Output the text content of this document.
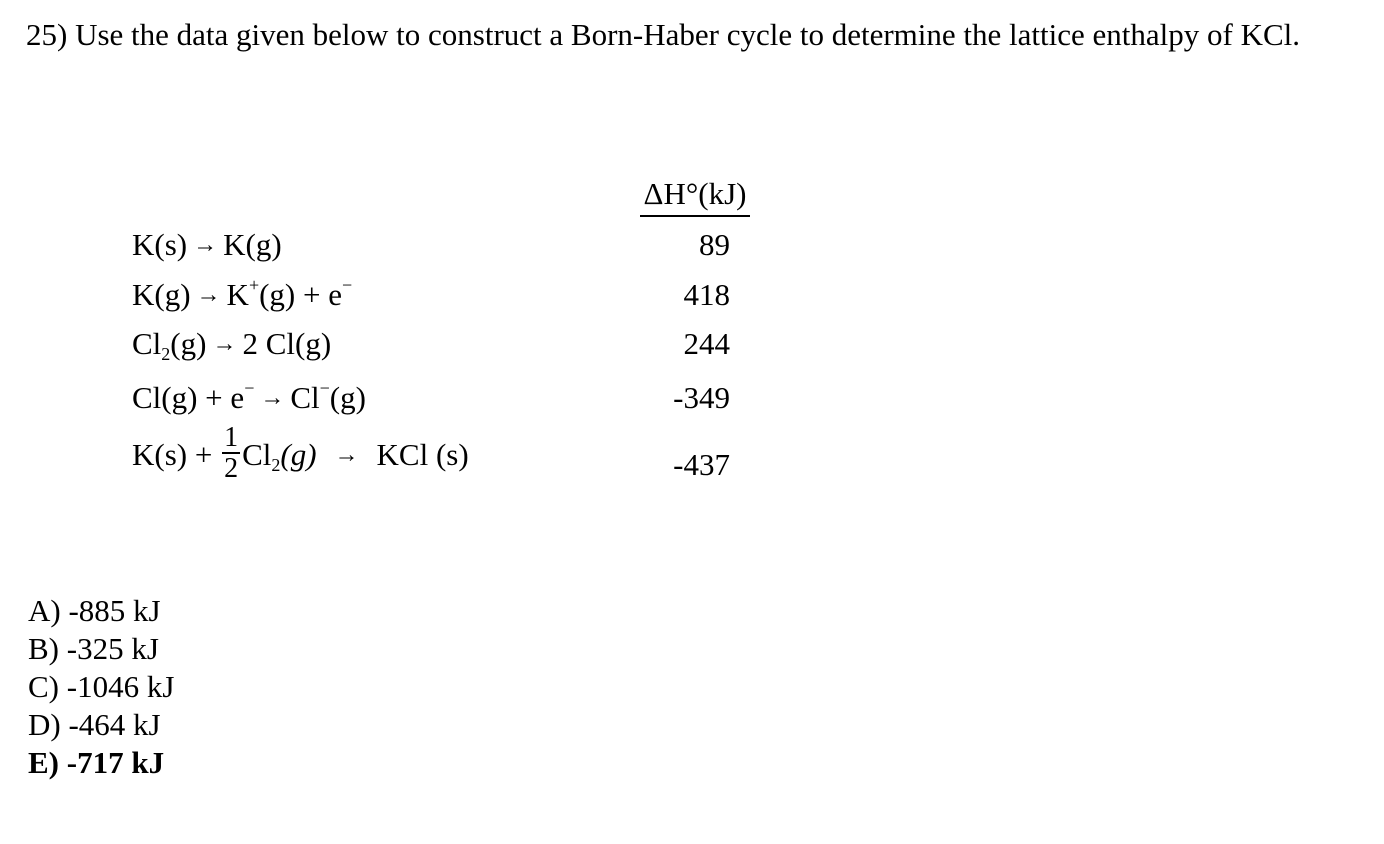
25) Use the data given below to construct a Born-Haber cycle to determine the lattice enthalpy of KCl.
ΔH°(kJ)
K(s) → K(g)	89
K(g) → K+(g) + e−	418
$Cl_2(g) \to 2$ Cl(g)	244
Cl(g) + e− → Cl−(g)	-349
$K(s) + \frac{1}{2} Cl_2(g)$ → KCl (s)	-437
A) -885 kJ
B) -325 kJ
C) -1046 kJ
D) -464 kJ
E) -717 kJ
